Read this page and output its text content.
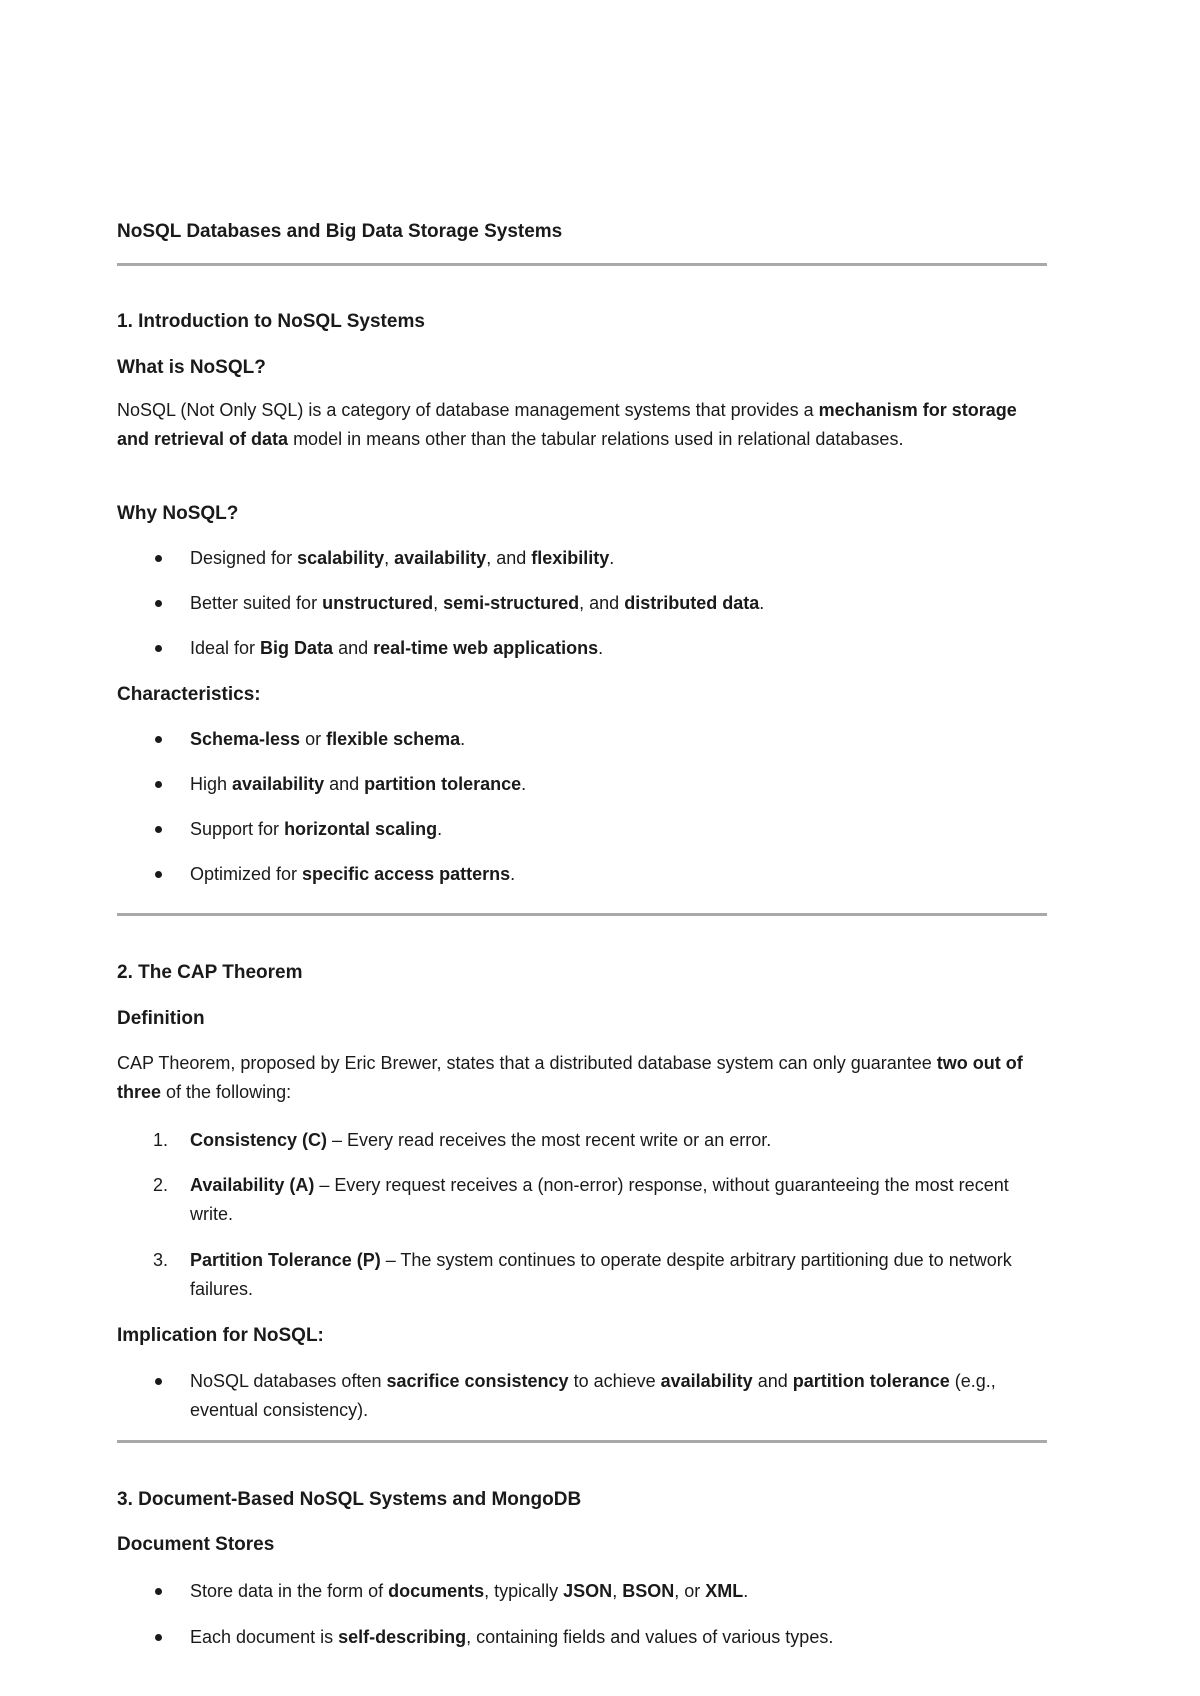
NoSQL Databases and Big Data Storage Systems
1. Introduction to NoSQL Systems
What is NoSQL?
NoSQL (Not Only SQL) is a category of database management systems that provides a mechanism for storage and retrieval of data model in means other than the tabular relations used in relational databases.
Why NoSQL?
Designed for scalability, availability, and flexibility.
Better suited for unstructured, semi-structured, and distributed data.
Ideal for Big Data and real-time web applications.
Characteristics:
Schema-less or flexible schema.
High availability and partition tolerance.
Support for horizontal scaling.
Optimized for specific access patterns.
2. The CAP Theorem
Definition
CAP Theorem, proposed by Eric Brewer, states that a distributed database system can only guarantee two out of three of the following:
1. Consistency (C) – Every read receives the most recent write or an error.
2. Availability (A) – Every request receives a (non-error) response, without guaranteeing the most recent write.
3. Partition Tolerance (P) – The system continues to operate despite arbitrary partitioning due to network failures.
Implication for NoSQL:
NoSQL databases often sacrifice consistency to achieve availability and partition tolerance (e.g., eventual consistency).
3. Document-Based NoSQL Systems and MongoDB
Document Stores
Store data in the form of documents, typically JSON, BSON, or XML.
Each document is self-describing, containing fields and values of various types.
